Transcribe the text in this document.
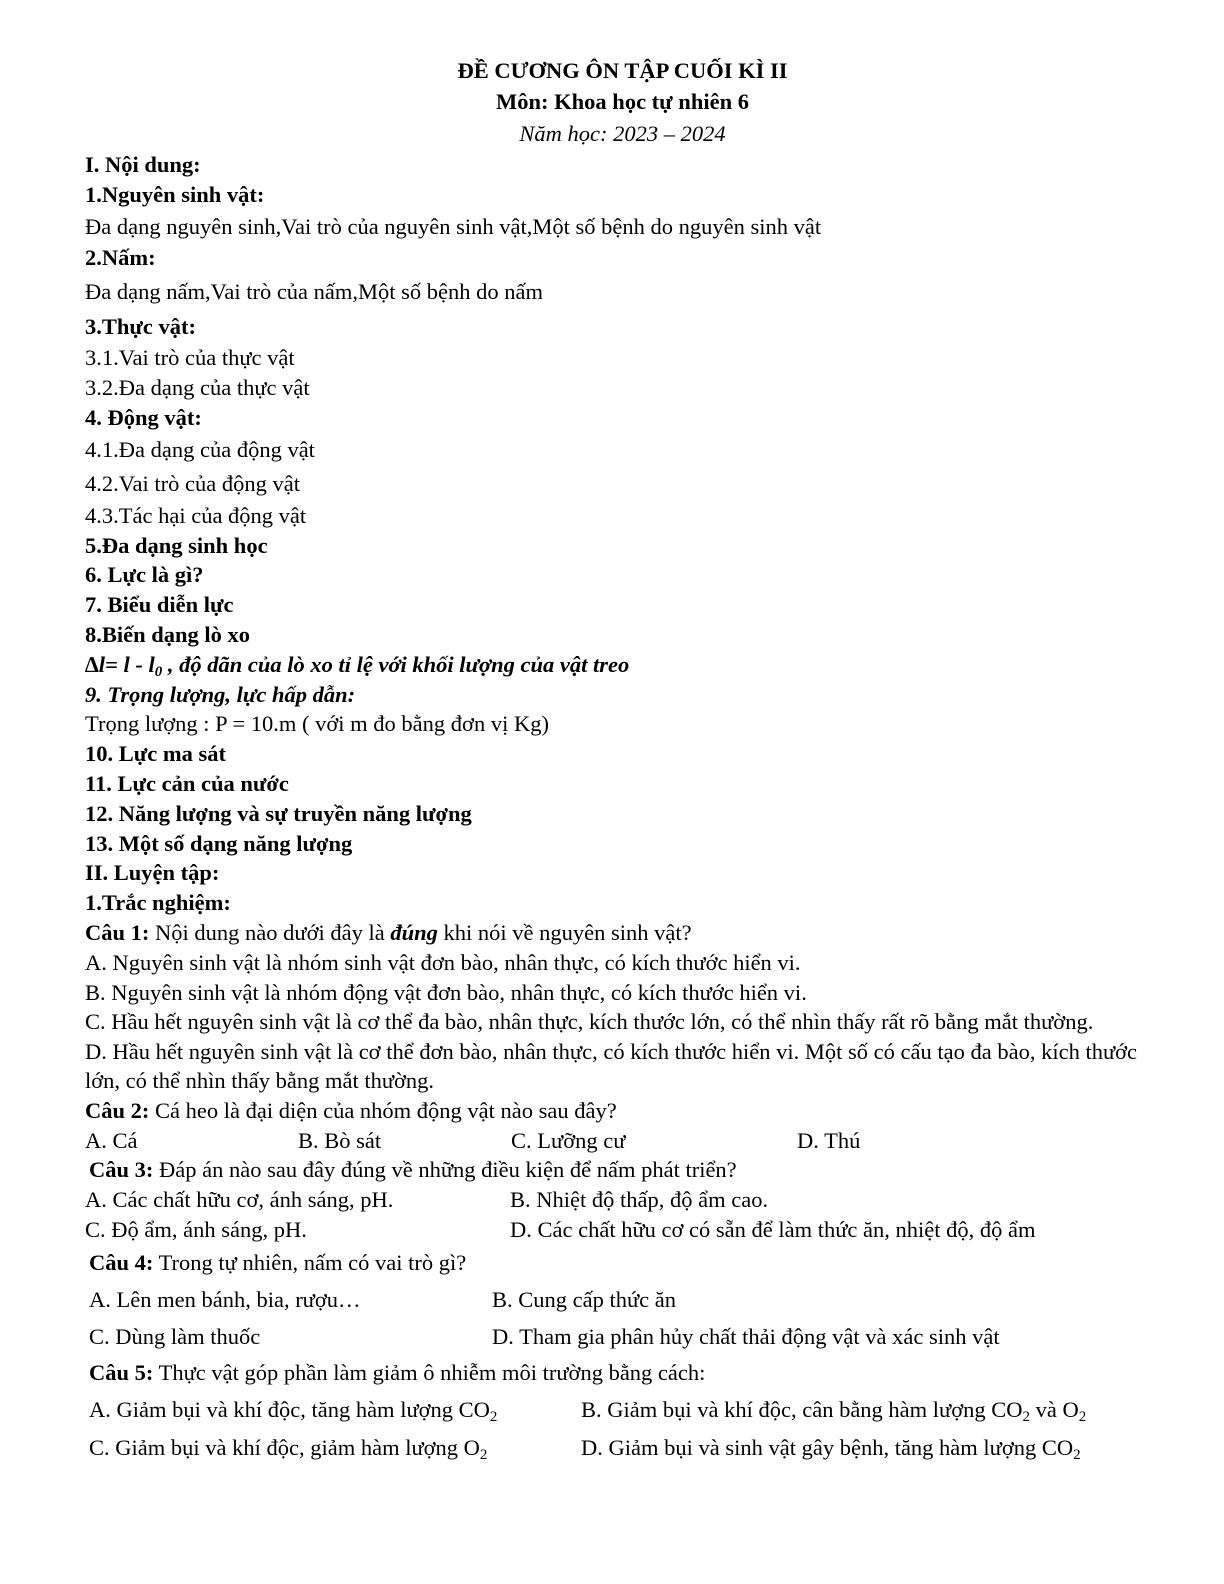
ĐỀ CƯƠNG ÔN TẬP CUỐI KÌ II
Môn: Khoa học tự nhiên 6
Năm học: 2023 – 2024
I. Nội dung:
1.Nguyên sinh vật:
Đa dạng nguyên sinh,Vai trò của nguyên sinh vật,Một số bệnh do nguyên sinh vật
2.Nấm:
Đa dạng nấm,Vai trò của nấm,Một số bệnh do nấm
3.Thực vật:
3.1.Vai trò của thực vật
3.2.Đa dạng của thực vật
4. Động vật:
4.1.Đa dạng của động vật
4.2.Vai trò của động vật
4.3.Tác hại của động vật
5.Đa dạng sinh học
6. Lực là gì?
7. Biểu diễn lực
8.Biến dạng lò xo
$\Delta l= l - l_0$ , độ dãn của lò xo tỉ lệ với khối lượng của vật treo
9. Trọng lượng, lực hấp dẫn:
Trọng lượng : P = 10.m ( với m đo bằng đơn vị Kg)
10. Lực ma sát
11. Lực cản của nước
12. Năng lượng và sự truyền năng lượng
13. Một số dạng năng lượng
II. Luyện tập:
1.Trắc nghiệm:
Câu 1: Nội dung nào dưới đây là đúng khi nói về nguyên sinh vật?
A. Nguyên sinh vật là nhóm sinh vật đơn bào, nhân thực, có kích thước hiển vi.
B. Nguyên sinh vật là nhóm động vật đơn bào, nhân thực, có kích thước hiển vi.
C. Hầu hết nguyên sinh vật là cơ thể đa bào, nhân thực, kích thước lớn, có thể nhìn thấy rất rõ bằng mắt thường.
D. Hầu hết nguyên sinh vật là cơ thể đơn bào, nhân thực, có kích thước hiển vi. Một số có cấu tạo đa bào, kích thước lớn, có thể nhìn thấy bằng mắt thường.
Câu 2: Cá heo là đại diện của nhóm động vật nào sau đây?
A. Cá	B. Bò sát	C. Lưỡng cư	D. Thú
Câu 3: Đáp án nào sau đây đúng về những điều kiện để nấm phát triển?
A. Các chất hữu cơ, ánh sáng, pH.	B. Nhiệt độ thấp, độ ẩm cao.
C. Độ ẩm, ánh sáng, pH.	D. Các chất hữu cơ có sẵn để làm thức ăn, nhiệt độ, độ ẩm
Câu 4: Trong tự nhiên, nấm có vai trò gì?
A. Lên men bánh, bia, rượu…	B. Cung cấp thức ăn
C. Dùng làm thuốc	D. Tham gia phân hủy chất thải động vật và xác sinh vật
Câu 5: Thực vật góp phần làm giảm ô nhiễm môi trường bằng cách:
A. Giảm bụi và khí độc, tăng hàm lượng $CO_2$	B. Giảm bụi và khí độc, cân bằng hàm lượng $CO_2$ và $O_2$
C. Giảm bụi và khí độc, giảm hàm lượng $O_2$	D. Giảm bụi và sinh vật gây bệnh, tăng hàm lượng $CO_2$
